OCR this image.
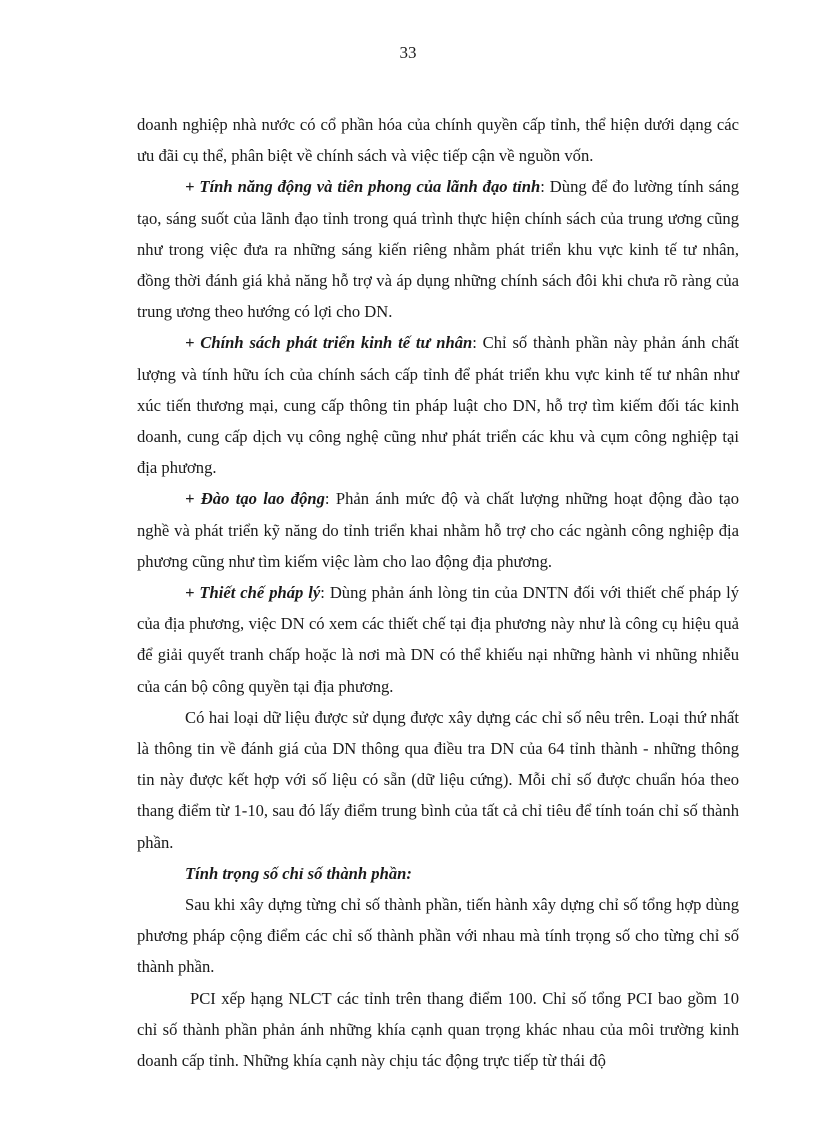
33

doanh nghiệp nhà nước có cổ phần hóa của chính quyền cấp tỉnh, thể hiện dưới dạng các ưu đãi cụ thể, phân biệt về chính sách và việc tiếp cận về nguồn vốn.

+ Tính năng động và tiên phong của lãnh đạo tỉnh: Dùng để đo lường tính sáng tạo, sáng suốt của lãnh đạo tỉnh trong quá trình thực hiện chính sách của trung ương cũng như trong việc đưa ra những sáng kiến riêng nhằm phát triển khu vực kinh tế tư nhân, đồng thời đánh giá khả năng hỗ trợ và áp dụng những chính sách đôi khi chưa rõ ràng của trung ương theo hướng có lợi cho DN.

+ Chính sách phát triển kinh tế tư nhân: Chỉ số thành phần này phản ánh chất lượng và tính hữu ích của chính sách cấp tỉnh để phát triển khu vực kinh tế tư nhân như xúc tiến thương mại, cung cấp thông tin pháp luật cho DN, hỗ trợ tìm kiếm đối tác kinh doanh, cung cấp dịch vụ công nghệ cũng như phát triển các khu và cụm công nghiệp tại địa phương.

+ Đào tạo lao động: Phản ánh mức độ và chất lượng những hoạt động đào tạo nghề và phát triển kỹ năng do tỉnh triển khai nhằm hỗ trợ cho các ngành công nghiệp địa phương cũng như tìm kiếm việc làm cho lao động địa phương.

+ Thiết chế pháp lý: Dùng phản ánh lòng tin của DNTN đối với thiết chế pháp lý của địa phương, việc DN có xem các thiết chế tại địa phương này như là công cụ hiệu quả để giải quyết tranh chấp hoặc là nơi mà DN có thể khiếu nại những hành vi nhũng nhiễu của cán bộ công quyền tại địa phương.

Có hai loại dữ liệu được sử dụng được xây dựng các chỉ số nêu trên. Loại thứ nhất là thông tin về đánh giá của DN thông qua điều tra DN của 64 tỉnh thành - những thông tin này được kết hợp với số liệu có sẵn (dữ liệu cứng). Mỗi chỉ số được chuẩn hóa theo thang điểm từ 1-10, sau đó lấy điểm trung bình của tất cả chỉ tiêu để tính toán chỉ số thành phần.

Tính trọng số chỉ số thành phần:

Sau khi xây dựng từng chỉ số thành phần, tiến hành xây dựng chỉ số tổng hợp dùng phương pháp cộng điểm các chỉ số thành phần với nhau mà tính trọng số cho từng chỉ số thành phần.

PCI xếp hạng NLCT các tỉnh trên thang điểm 100. Chỉ số tổng PCI bao gồm 10 chỉ số thành phần phản ánh những khía cạnh quan trọng khác nhau của môi trường kinh doanh cấp tỉnh. Những khía cạnh này chịu tác động trực tiếp từ thái độ
